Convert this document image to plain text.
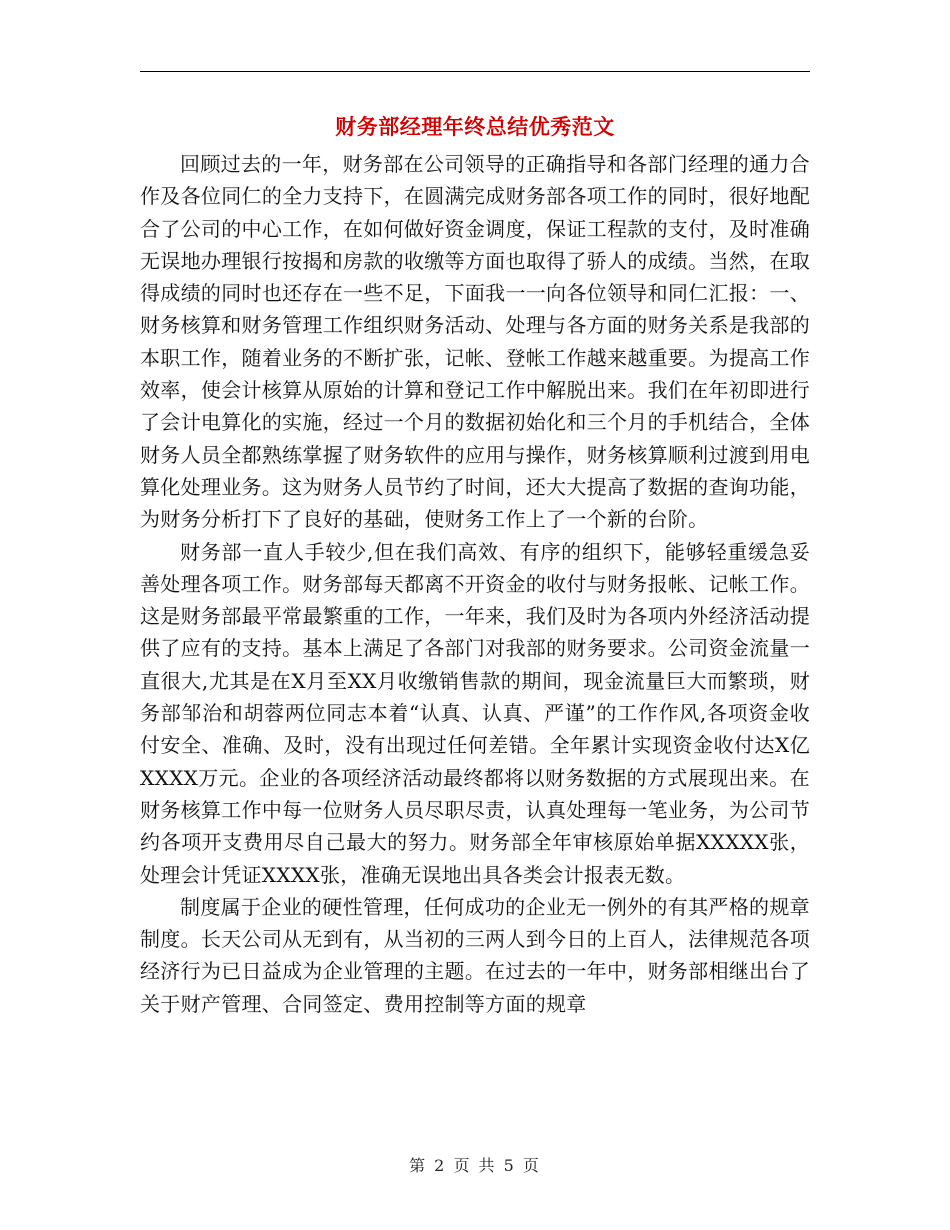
财务部经理年终总结优秀范文

回顾过去的一年，财务部在公司领导的正确指导和各部门经理的通力合作及各位同仁的全力支持下，在圆满完成财务部各项工作的同时，很好地配合了公司的中心工作，在如何做好资金调度，保证工程款的支付，及时准确无误地办理银行按揭和房款的收缴等方面也取得了骄人的成绩。当然，在取得成绩的同时也还存在一些不足，下面我一一向各位领导和同仁汇报：一、财务核算和财务管理工作组织财务活动、处理与各方面的财务关系是我部的本职工作，随着业务的不断扩张，记帐、登帐工作越来越重要。为提高工作效率，使会计核算从原始的计算和登记工作中解脱出来。我们在年初即进行了会计电算化的实施，经过一个月的数据初始化和三个月的手机结合，全体财务人员全都熟练掌握了财务软件的应用与操作，财务核算顺利过渡到用电算化处理业务。这为财务人员节约了时间，还大大提高了数据的查询功能，为财务分析打下了良好的基础，使财务工作上了一个新的台阶。

财务部一直人手较少,但在我们高效、有序的组织下，能够轻重缓急妥善处理各项工作。财务部每天都离不开资金的收付与财务报帐、记帐工作。这是财务部最平常最繁重的工作，一年来，我们及时为各项内外经济活动提供了应有的支持。基本上满足了各部门对我部的财务要求。公司资金流量一直很大,尤其是在X月至XX月收缴销售款的期间，现金流量巨大而繁琐，财务部邹治和胡蓉两位同志本着“认真、认真、严谨”的工作作风,各项资金收付安全、准确、及时，没有出现过任何差错。全年累计实现资金收付达X亿XXXX万元。企业的各项经济活动最终都将以财务数据的方式展现出来。在财务核算工作中每一位财务人员尽职尽责，认真处理每一笔业务，为公司节约各项开支费用尽自己最大的努力。财务部全年审核原始单据XXXXX张，处理会计凭证XXXX张，准确无误地出具各类会计报表无数。

制度属于企业的硬性管理，任何成功的企业无一例外的有其严格的规章制度。长天公司从无到有，从当初的三两人到今日的上百人，法律规范各项经济行为已日益成为企业管理的主题。在过去的一年中，财务部相继出台了关于财产管理、合同签定、费用控制等方面的规章

第 2 页 共 5 页
